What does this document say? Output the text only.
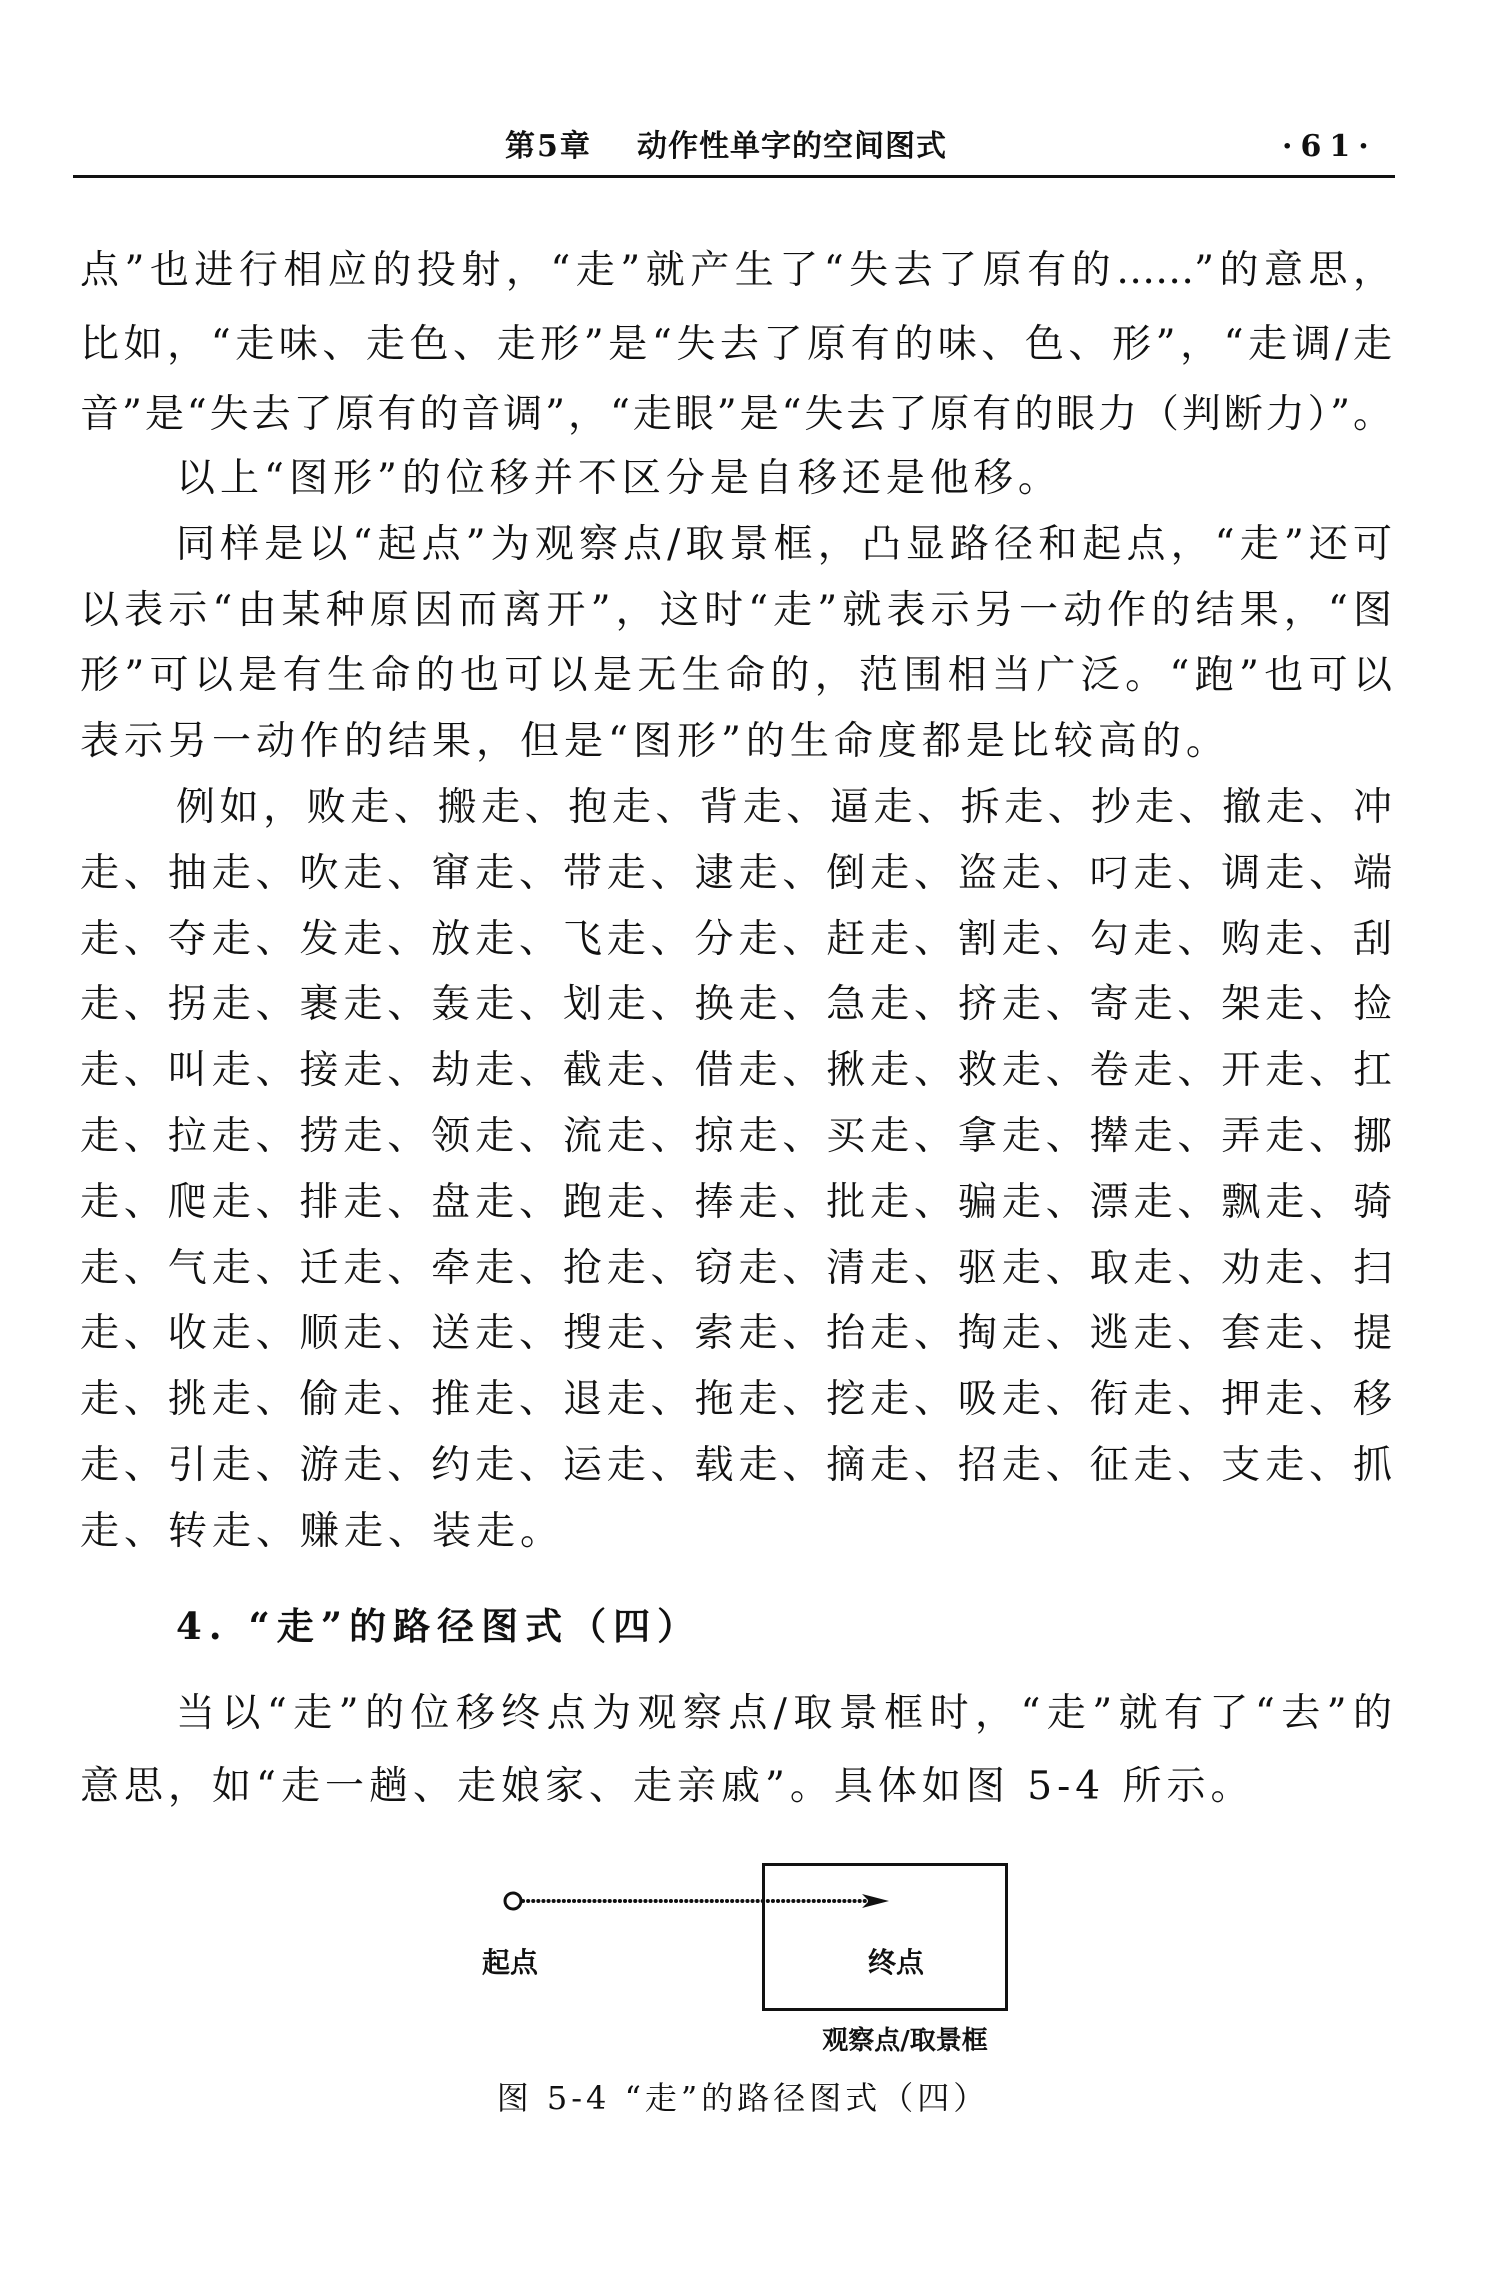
第5章 动作性单字的空间图式	·61·
点”也进行相应的投射，“走”就产生了“失去了原有的……”的意思，
比如，“走味、走色、走形”是“失去了原有的味、色、形”，“走调/走
音”是“失去了原有的音调”，“走眼”是“失去了原有的眼力（判断力）”。
以上“图形”的位移并不区分是自移还是他移。
同样是以“起点”为观察点/取景框，凸显路径和起点，“走”还可
以表示“由某种原因而离开”，这时“走”就表示另一动作的结果，“图
形”可以是有生命的也可以是无生命的，范围相当广泛。“跑”也可以
表示另一动作的结果，但是“图形”的生命度都是比较高的。
例如，败走、搬走、抱走、背走、逼走、拆走、抄走、撤走、冲
走、抽走、吹走、窜走、带走、逮走、倒走、盗走、叼走、调走、端
走、夺走、发走、放走、飞走、分走、赶走、割走、勾走、购走、刮
走、拐走、裹走、轰走、划走、换走、急走、挤走、寄走、架走、捡
走、叫走、接走、劫走、截走、借走、揪走、救走、卷走、开走、扛
走、拉走、捞走、领走、流走、掠走、买走、拿走、撵走、弄走、挪
走、爬走、排走、盘走、跑走、捧走、批走、骗走、漂走、飘走、骑
走、气走、迁走、牵走、抢走、窃走、清走、驱走、取走、劝走、扫
走、收走、顺走、送走、搜走、索走、抬走、掏走、逃走、套走、提
走、挑走、偷走、推走、退走、拖走、挖走、吸走、衔走、押走、移
走、引走、游走、约走、运走、载走、摘走、招走、征走、支走、抓
走、转走、赚走、装走。
4. “走”的路径图式（四）
当以“走”的位移终点为观察点/取景框时，“走”就有了“去”的
意思，如“走一趟、走娘家、走亲戚”。具体如图 5-4 所示。
起点	终点
观察点/取景框
图 5-4 “走”的路径图式（四）
